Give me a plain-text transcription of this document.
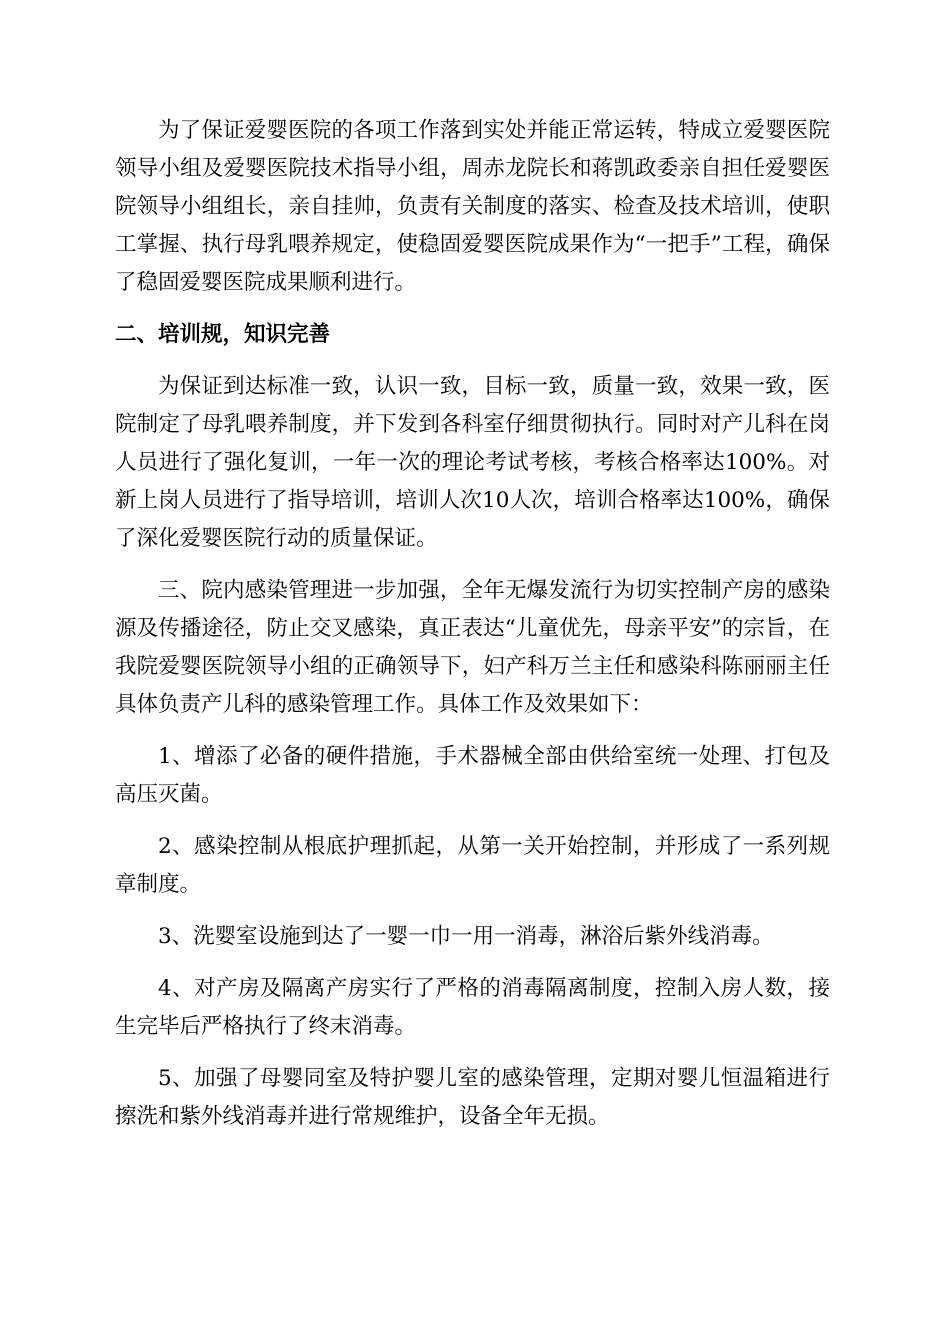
为了保证爱婴医院的各项工作落到实处并能正常运转，特成立爱婴医院领导小组及爱婴医院技术指导小组，周赤龙院长和蒋凯政委亲自担任爱婴医院领导小组组长，亲自挂帅，负责有关制度的落实、检查及技术培训，使职工掌握、执行母乳喂养规定，使稳固爱婴医院成果作为“一把手”工程，确保了稳固爱婴医院成果顺利进行。

二、培训规，知识完善

为保证到达标准一致，认识一致，目标一致，质量一致，效果一致，医院制定了母乳喂养制度，并下发到各科室仔细贯彻执行。同时对产儿科在岗人员进行了强化复训，一年一次的理论考试考核，考核合格率达100%。对新上岗人员进行了指导培训，培训人次10人次，培训合格率达100%，确保了深化爱婴医院行动的质量保证。

三、院内感染管理进一步加强，全年无爆发流行为切实控制产房的感染源及传播途径，防止交叉感染，真正表达“儿童优先，母亲平安”的宗旨，在我院爱婴医院领导小组的正确领导下，妇产科万兰主任和感染科陈丽丽主任具体负责产儿科的感染管理工作。具体工作及效果如下：

1、增添了必备的硬件措施，手术器械全部由供给室统一处理、打包及高压灭菌。

2、感染控制从根底护理抓起，从第一关开始控制，并形成了一系列规章制度。

3、洗婴室设施到达了一婴一巾一用一消毒，淋浴后紫外线消毒。

4、对产房及隔离产房实行了严格的消毒隔离制度，控制入房人数，接生完毕后严格执行了终末消毒。

5、加强了母婴同室及特护婴儿室的感染管理，定期对婴儿恒温箱进行擦洗和紫外线消毒并进行常规维护，设备全年无损。
